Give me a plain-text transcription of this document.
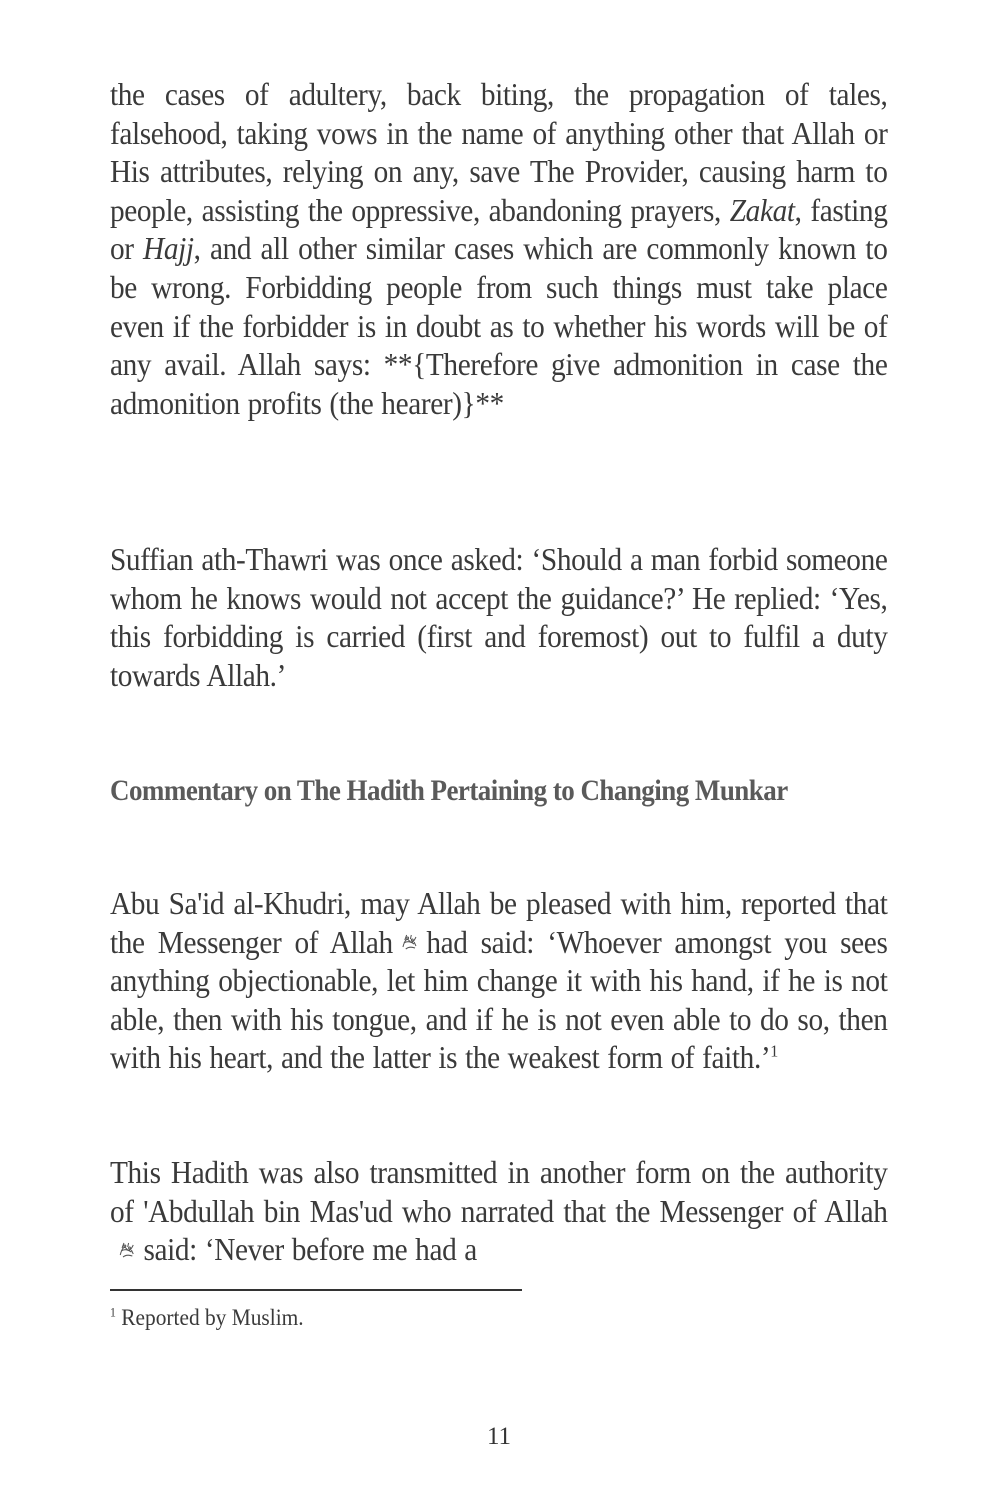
the cases of adultery, back biting, the propagation of tales, falsehood, taking vows in the name of anything other that Allah or His attributes, relying on any, save The Provider, causing harm to people, assisting the oppressive, abandoning prayers, Zakat, fasting or Hajj, and all other similar cases which are commonly known to be wrong. Forbidding people from such things must take place even if the forbidder is in doubt as to whether his words will be of any avail. Allah says: **{Therefore give admonition in case the admonition profits (the hearer)}**

Suffian ath-Thawri was once asked: ‘Should a man forbid someone whom he knows would not accept the guidance?’ He replied: ‘Yes, this forbidding is carried (first and foremost) out to fulfil a duty towards Allah.’

Commentary on The Hadith Pertaining to Changing Munkar

Abu Sa'id al-Khudri, may Allah be pleased with him, reported that the Messenger of Allah had said: ‘Whoever amongst you sees anything objectionable, let him change it with his hand, if he is not able, then with his tongue, and if he is not even able to do so, then with his heart, and the latter is the weakest form of faith.’$^1$

This Hadith was also transmitted in another form on the authority of 'Abdullah bin Mas'ud who narrated that the Messenger of Allah
said: ‘Never before me had a

$^1$ Reported by Muslim.
11
